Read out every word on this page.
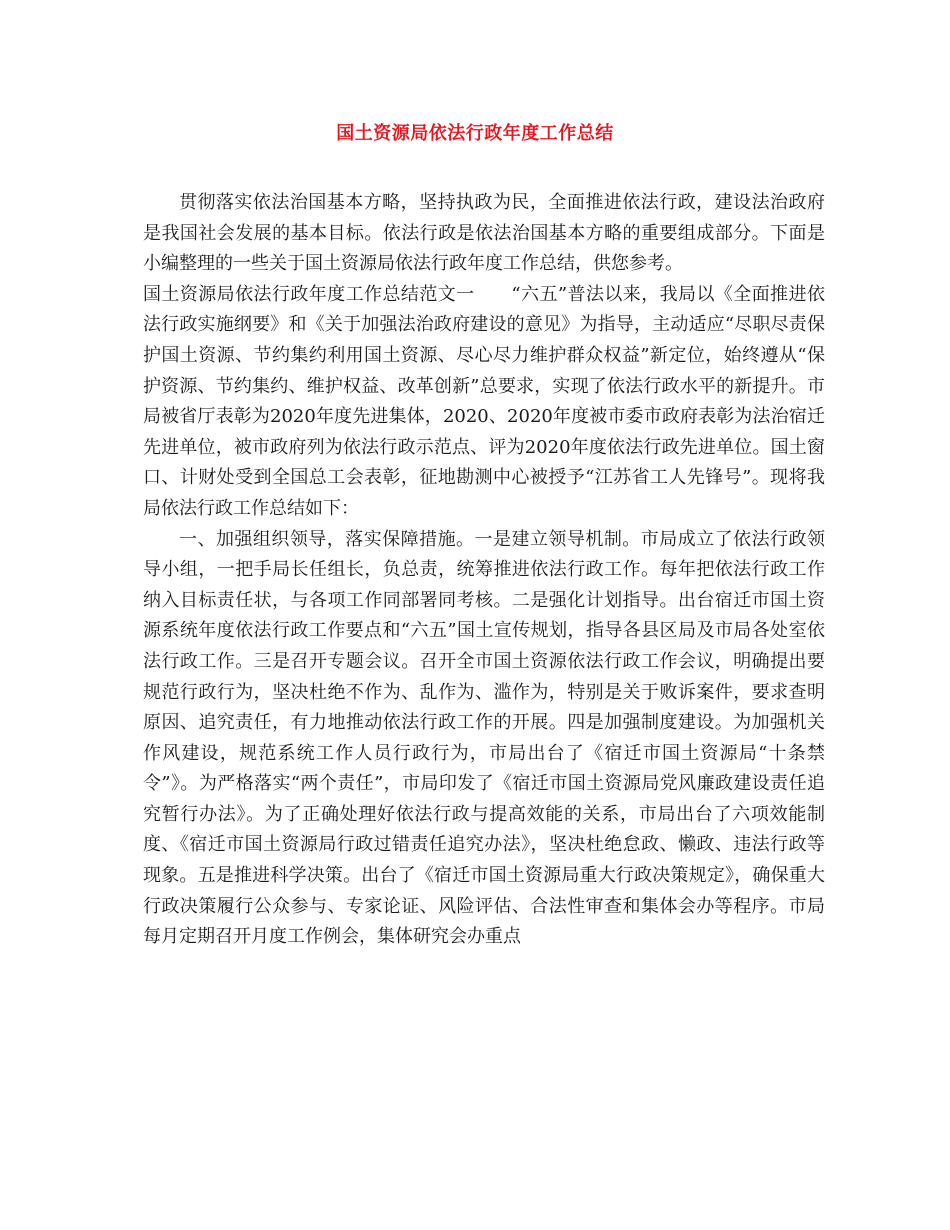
国土资源局依法行政年度工作总结

贯彻落实依法治国基本方略，坚持执政为民，全面推进依法行政，建设法治政府是我国社会发展的基本目标。依法行政是依法治国基本方略的重要组成部分。下面是小编整理的一些关于国土资源局依法行政年度工作总结，供您参考。

国土资源局依法行政年度工作总结范文一　　“六五”普法以来，我局以《全面推进依法行政实施纲要》和《关于加强法治政府建设的意见》为指导，主动适应“尽职尽责保护国土资源、节约集约利用国土资源、尽心尽力维护群众权益”新定位，始终遵从“保护资源、节约集约、维护权益、改革创新”总要求，实现了依法行政水平的新提升。市局被省厅表彰为2020年度先进集体，2020、2020年度被市委市政府表彰为法治宿迁先进单位，被市政府列为依法行政示范点、评为2020年度依法行政先进单位。国土窗口、计财处受到全国总工会表彰，征地勘测中心被授予“江苏省工人先锋号”。现将我局依法行政工作总结如下：

一、加强组织领导，落实保障措施。一是建立领导机制。市局成立了依法行政领导小组，一把手局长任组长，负总责，统筹推进依法行政工作。每年把依法行政工作纳入目标责任状，与各项工作同部署同考核。二是强化计划指导。出台宿迁市国土资源系统年度依法行政工作要点和“六五”国土宣传规划，指导各县区局及市局各处室依法行政工作。三是召开专题会议。召开全市国土资源依法行政工作会议，明确提出要规范行政行为，坚决杜绝不作为、乱作为、滥作为，特别是关于败诉案件，要求查明原因、追究责任，有力地推动依法行政工作的开展。四是加强制度建设。为加强机关作风建设，规范系统工作人员行政行为，市局出台了《宿迁市国土资源局“十条禁令”》。为严格落实“两个责任”，市局印发了《宿迁市国土资源局党风廉政建设责任追究暂行办法》。为了正确处理好依法行政与提高效能的关系，市局出台了六项效能制度、《宿迁市国土资源局行政过错责任追究办法》，坚决杜绝怠政、懒政、违法行政等现象。五是推进科学决策。出台了《宿迁市国土资源局重大行政决策规定》，确保重大行政决策履行公众参与、专家论证、风险评估、合法性审查和集体会办等程序。市局每月定期召开月度工作例会，集体研究会办重点
